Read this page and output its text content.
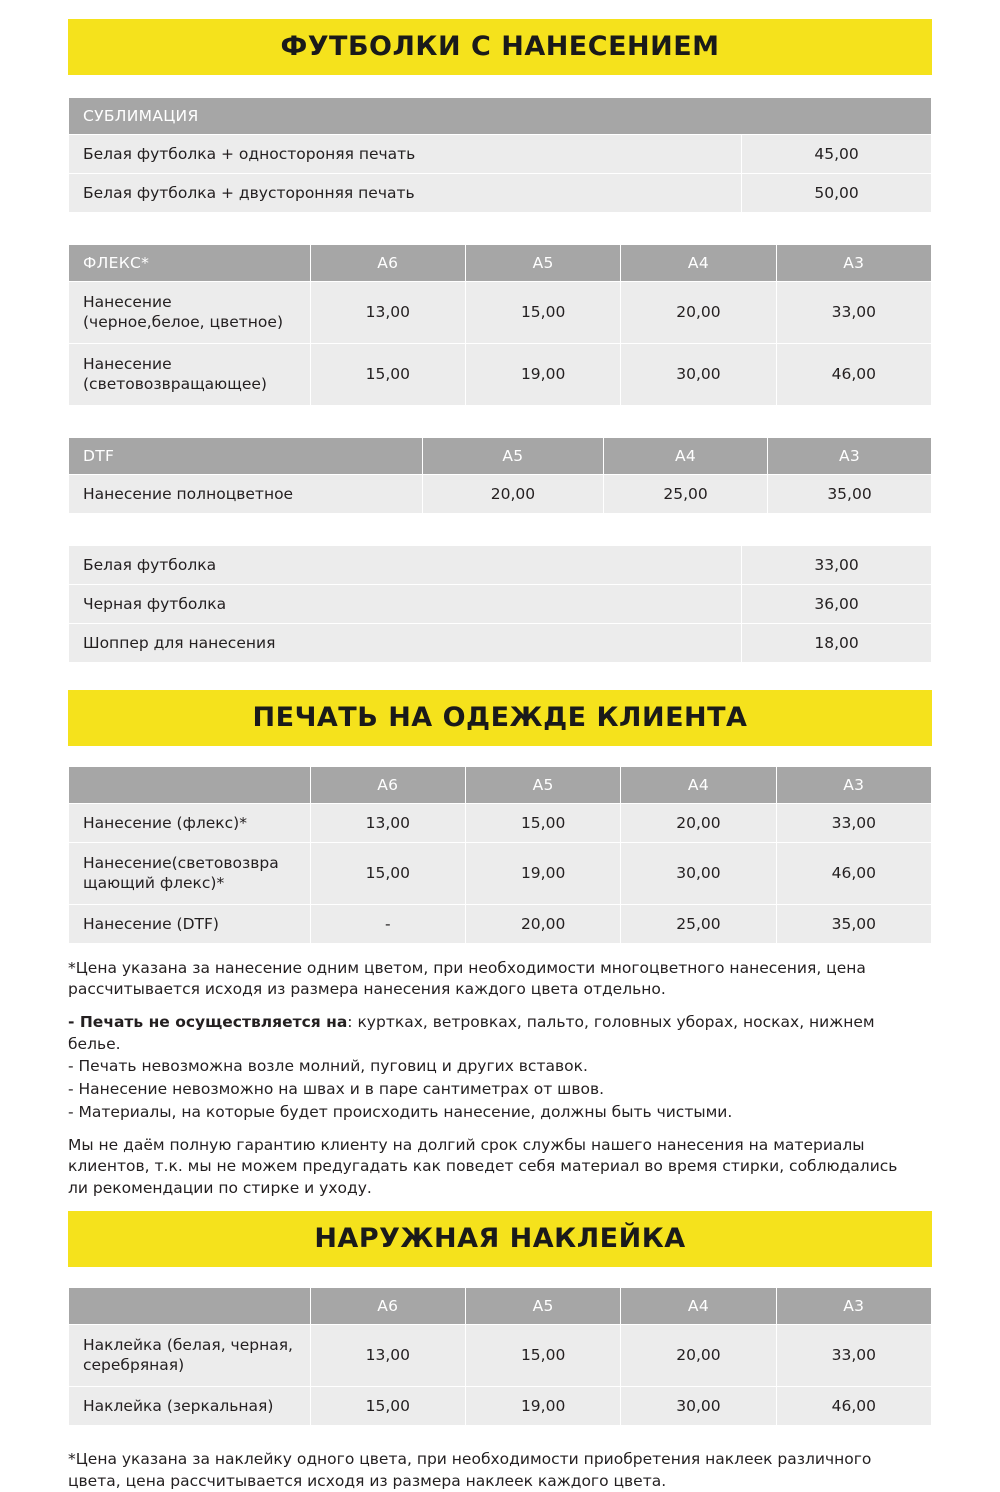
ФУТБОЛКИ С НАНЕСЕНИЕМ
СУБЛИМАЦИЯ	
Белая футболка + одностороняя печать	45,00
Белая футболка + двусторонняя печать	50,00
ФЛЕКС*	А6	А5	А4	А3
Нанесение
(черное,белое, цветное)	13,00	15,00	20,00	33,00
Нанесение
(световозвращающее)	15,00	19,00	30,00	46,00
DTF	А5	А4	А3
Нанесение полноцветное	20,00	25,00	35,00
Белая футболка	33,00
Черная футболка	36,00
Шоппер для нанесения	18,00
ПЕЧАТЬ НА ОДЕЖДЕ КЛИЕНТА
	А6	А5	А4	А3
Нанесение (флекс)*	13,00	15,00	20,00	33,00
Нанесение(световозвра
щающий флекс)*	15,00	19,00	30,00	46,00
Нанесение (DTF)	-	20,00	25,00	35,00

*Цена указана за нанесение одним цветом, при необходимости многоцветного нанесения, цена
рассчитывается исходя из размера нанесения каждого цвета отдельно.

- Печать не осуществляется на: куртках, ветровках, пальто, головных уборах, носках, нижнем белье.

- Печать невозможна возле молний, пуговиц и других вставок.

- Нанесение невозможно на швах и в паре сантиметрах от швов.

- Материалы, на которые будет происходить нанесение, должны быть чистыми.

Мы не даём полную гарантию клиенту на долгий срок службы нашего нанесения на материалы
клиентов, т.к. мы не можем предугадать как поведет себя материал во время стирки, соблюдались
ли рекомендации по стирке и уходу.

НАРУЖНАЯ НАКЛЕЙКА
	А6	А5	А4	А3
Наклейка (белая, черная,
серебряная)	13,00	15,00	20,00	33,00
Наклейка (зеркальная)	15,00	19,00	30,00	46,00
*Цена указана за наклейку одного цвета, при необходимости приобретения наклеек различного
цвета, цена рассчитывается исходя из размера наклеек каждого цвета.
